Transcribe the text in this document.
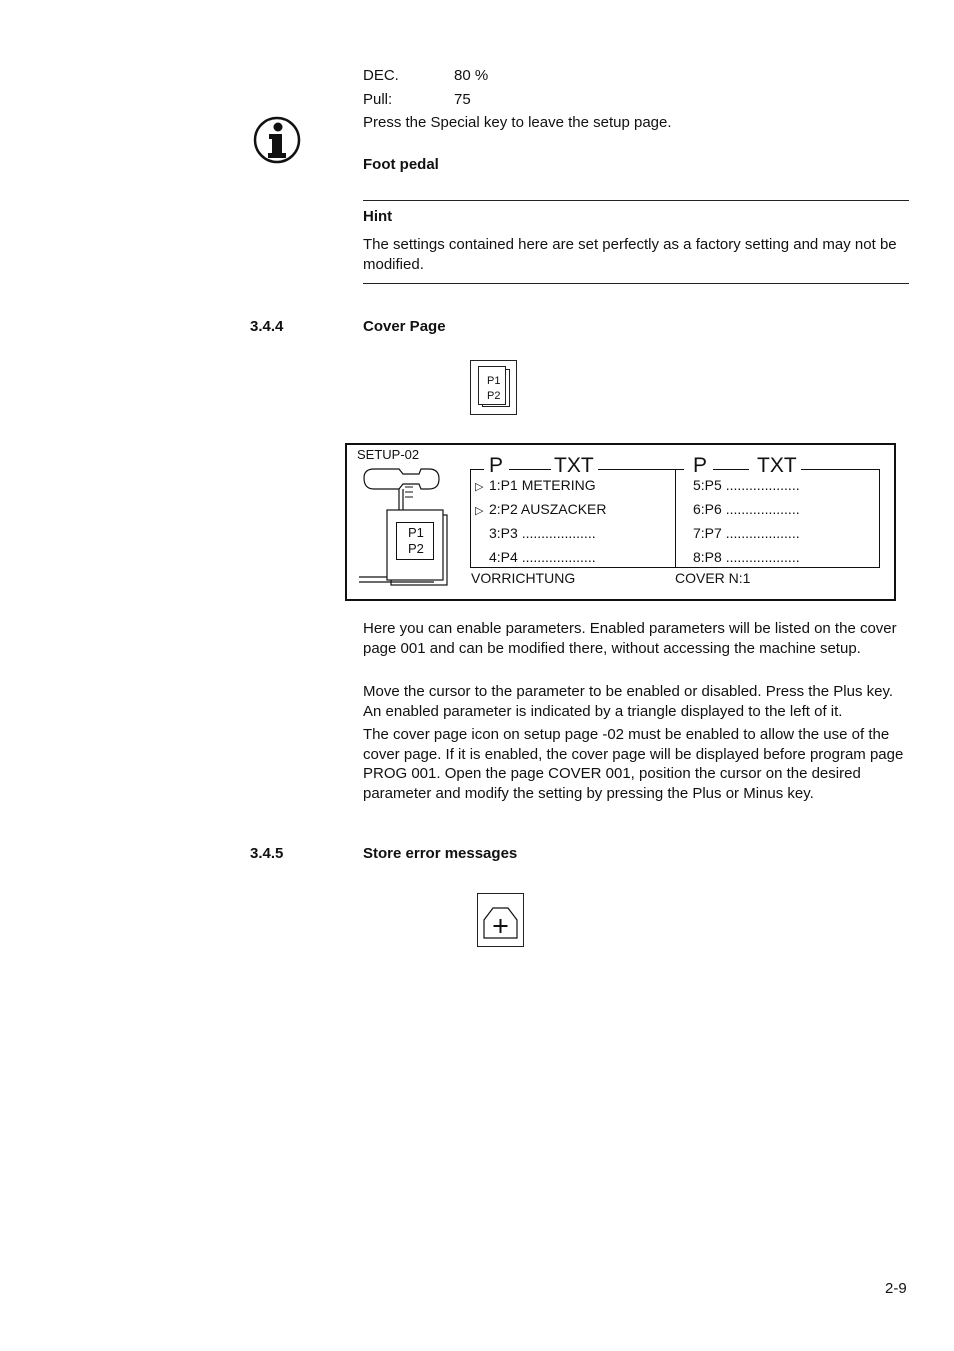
DEC.	80 %
Pull:	75
Press the Special key to leave the setup page.
Foot pedal
Hint
The settings contained here are set perfectly as a factory setting and may not be modified.
3.4.4	Cover Page
P1
P2
SETUP-02
P1
P2
P TXT	P TXT
▷ 1:P1 METERING
▷ 2:P2 AUSZACKER
3:P3 ...................
4:P4 ...................
5:P5 ...................
6:P6 ...................
7:P7 ...................
8:P8 ...................
VORRICHTUNG	COVER N:1
Here you can enable parameters. Enabled parameters will be listed on the cover page 001 and can be modified there, without accessing the machine setup.
Move the cursor to the parameter to be enabled or disabled. Press the Plus key. An enabled parameter is indicated by a triangle displayed to the left of it.
The cover page icon on setup page -02 must be enabled to allow the use of the cover page. If it is enabled, the cover page will be displayed before program page PROG 001. Open the page COVER 001, position the cursor on the desired parameter and modify the setting by pressing the Plus or Minus key.
3.4.5	Store error messages
2-9
